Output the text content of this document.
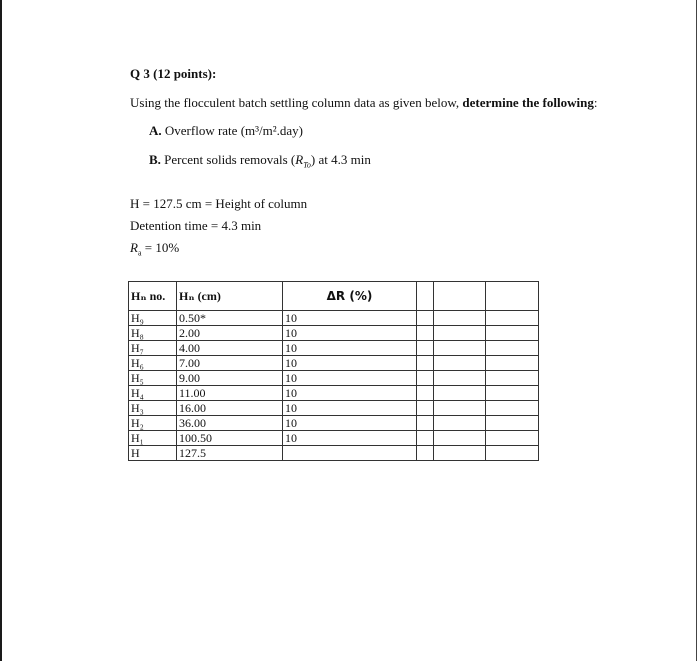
Q 3 (12 points):
Using the flocculent batch settling column data as given below, determine the following:
A. Overflow rate (m³/m².day)
B. Percent solids removals $(R_{To})$ at 4.3 min
H = 127.5 cm = Height of column
Detention time = 4.3 min
$R_a = 10\%$
Hₙ no.	Hₙ (cm)	ΔR (%)			

H₉	0.50*	10			
H₈	2.00	10			
H₇	4.00	10			
H₆	7.00	10			
H₅	9.00	10			
H₄	11.00	10			
H₃	16.00	10			
H₂	36.00	10			
H₁	100.50	10			
H	127.5				
